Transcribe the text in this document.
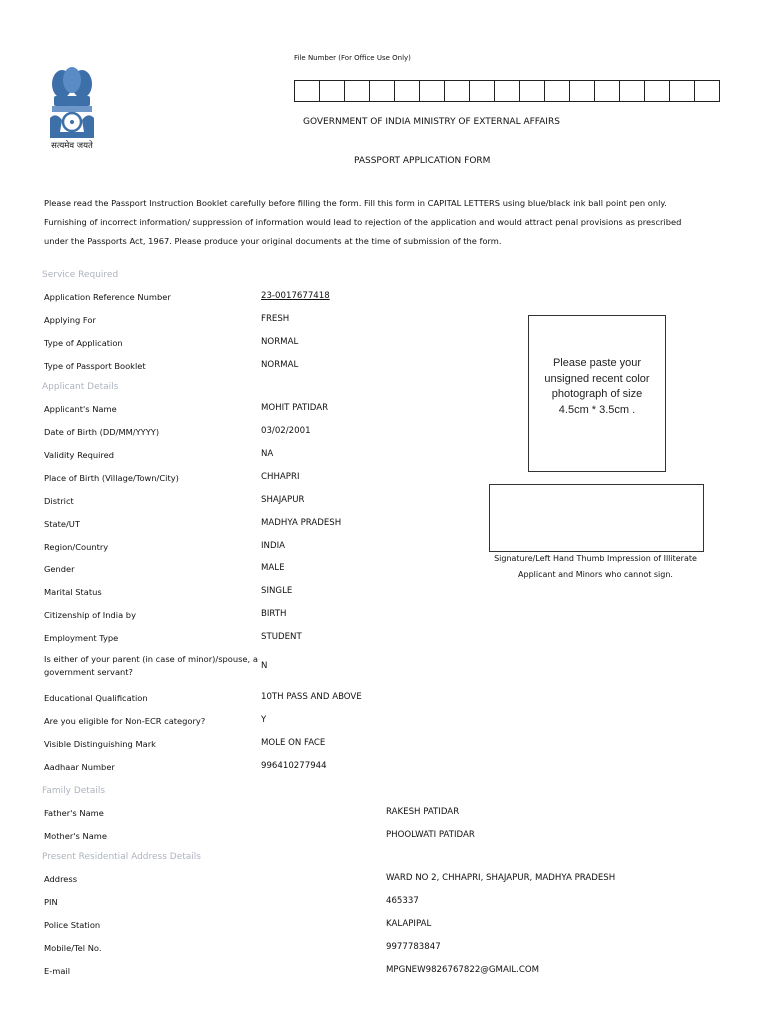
सत्यमेव जयते
File Number (For Office Use Only)
GOVERNMENT OF INDIA MINISTRY OF EXTERNAL AFFAIRS
PASSPORT APPLICATION FORM
Please read the Passport Instruction Booklet carefully before filling the form. Fill this form in CAPITAL LETTERS using blue/black ink ball point pen only. Furnishing of incorrect information/ suppression of information would lead to rejection of the application and would attract penal provisions as prescribed under the Passports Act, 1967. Please produce your original documents at the time of submission of the form.
Service Required
Applicant Details
Family Details
Present Residential Address Details
Application Reference Number	23-0017677418
Applying For	FRESH
Type of Application	NORMAL
Type of Passport Booklet	NORMAL
Applicant's Name	MOHIT PATIDAR
Date of Birth (DD/MM/YYYY)	03/02/2001
Validity Required	NA
Place of Birth (Village/Town/City)	CHHAPRI
District	SHAJAPUR
State/UT	MADHYA PRADESH
Region/Country	INDIA
Gender	MALE
Marital Status	SINGLE
Citizenship of India by	BIRTH
Employment Type	STUDENT
Is either of your parent (in case of minor)/spouse, a government servant?
N
Educational Qualification	10TH PASS AND ABOVE
Are you eligible for Non-ECR category?	Y
Visible Distinguishing Mark	MOLE ON FACE
Aadhaar Number	996410277944
Father's Name	RAKESH PATIDAR
Mother's Name	PHOOLWATI PATIDAR
Address	WARD NO 2, CHHAPRI, SHAJAPUR, MADHYA PRADESH
PIN	465337
Police Station	KALAPIPAL
Mobile/Tel No.	9977783847
E-mail	MPGNEW9826767822@GMAIL.COM
Please paste your
unsigned recent color
photograph of size
4.5cm * 3.5cm .
Signature/Left Hand Thumb Impression of Illiterate
Applicant and Minors who cannot sign.
